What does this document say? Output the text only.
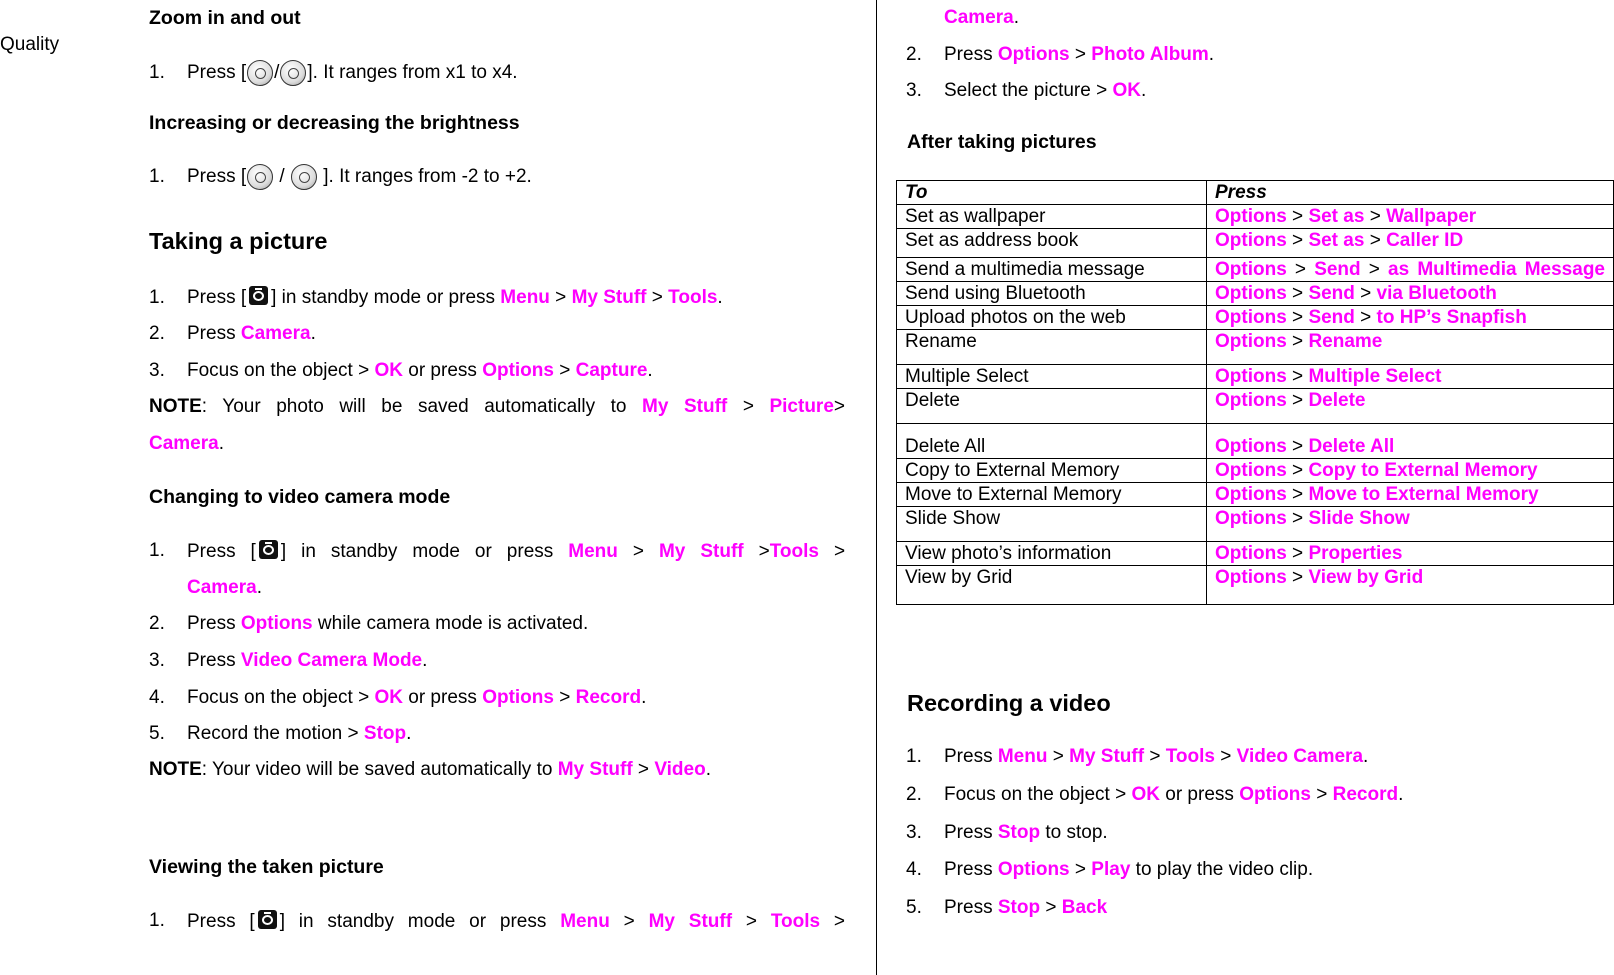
Quality
Zoom in and out
1. Press [ / ]. It ranges from x1 to x4.
Increasing or decreasing the brightness
1. Press [ /  ]. It ranges from -2 to +2.
Taking a picture
1. Press [ ] in standby mode or press Menu > My Stuff > Tools.
2. Press Camera.
3. Focus on the object > OK or press Options > Capture.
NOTE: Your photo will be saved automatically to My Stuff > Picture>
Camera.
Changing to video camera mode
1.	Press [ ] in standby mode or press Menu > My Stuff >Tools >
Camera.
2. Press Options while camera mode is activated.
3. Press Video Camera Mode.
4. Focus on the object > OK or press Options > Record.
5. Record the motion > Stop.
NOTE: Your video will be saved automatically to My Stuff > Video.
Viewing the taken picture
1.	Press [ ] in standby mode or press Menu > My Stuff > Tools >
Camera.
2. Press Options > Photo Album.
3. Select the picture > OK.
After taking pictures
Recording a video
1. Press Menu > My Stuff > Tools > Video Camera.
2. Focus on the object > OK or press Options > Record.
3. Press Stop to stop.
4. Press Options > Play to play the video clip.
5. Press Stop > Back
To	Press
Set as wallpaper	Options > Set as > Wallpaper
Set as address book	Options > Set as > Caller ID
Send a multimedia message	Options > Send > as Multimedia Message

Send using Bluetooth	Options > Send > via Bluetooth
Upload photos on the web	Options > Send > to HP’s Snapfish
Rename	Options > Rename
Multiple Select	Options > Multiple Select
Delete	Options > Delete
Delete All	Options > Delete All
Copy to External Memory	Options > Copy to External Memory
Move to External Memory	Options > Move to External Memory
Slide Show	Options > Slide Show
View photo’s information	Options > Properties
View by Grid	Options > View by Grid
